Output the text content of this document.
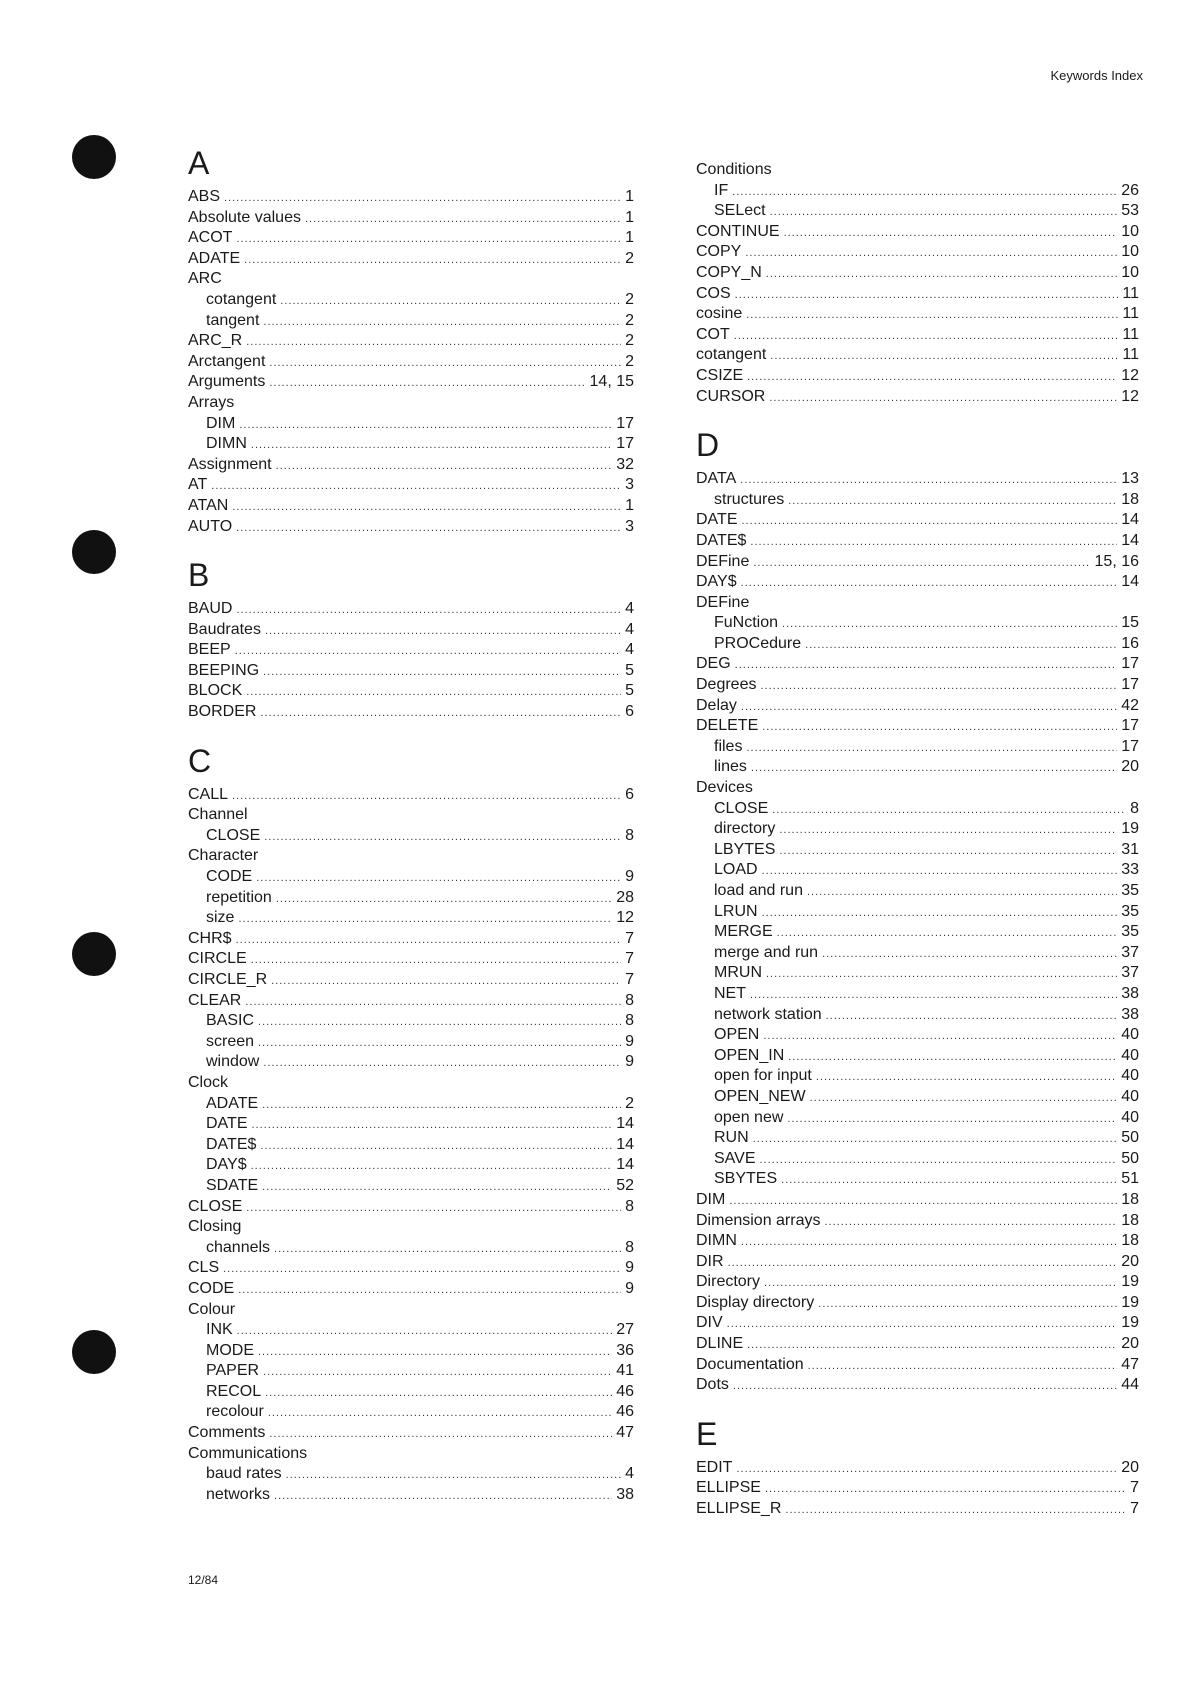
Keywords Index
A
ABS .....	1
Absolute values .....	1
ACOT .....	1
ADATE .....	2
ARC
cotangent .....	2
tangent .....	2
ARC_R .....	2
Arctangent .....	2
Arguments .....	14, 15
Arrays
DIM .....	17
DIMN .....	17
Assignment .....	32
AT .....	3
ATAN .....	1
AUTO .....	3
B
BAUD .....	4
Baudrates .....	4
BEEP .....	4
BEEPING .....	5
BLOCK .....	5
BORDER .....	6
C
CALL .....	6
Channel
CLOSE .....	8
Character
CODE .....	9
repetition .....	28
size .....	12
CHR$ .....	7
CIRCLE .....	7
CIRCLE_R .....	7
CLEAR .....	8
BASIC .....	8
screen .....	9
window .....	9
Clock
ADATE .....	2
DATE .....	14
DATE$ .....	14
DAY$ .....	14
SDATE .....	52
CLOSE .....	8
Closing
channels .....	8
CLS .....	9
CODE .....	9
Colour
INK .....	27
MODE .....	36
PAPER .....	41
RECOL .....	46
recolour .....	46
Comments .....	47
Communications
baud rates .....	4
networks .....	38
Conditions
IF .....	26
SELect .....	53
CONTINUE .....	10
COPY .....	10
COPY_N .....	10
COS .....	11
cosine .....	11
COT .....	11
cotangent .....	11
CSIZE .....	12
CURSOR .....	12
D
DATA .....	13
structures .....	18
DATE .....	14
DATE$ .....	14
DEFine .....	15, 16
DAY$ .....	14
DEFine
FuNction .....	15
PROCedure .....	16
DEG .....	17
Degrees .....	17
Delay .....	42
DELETE .....	17
files .....	17
lines .....	20
Devices
CLOSE .....	8
directory .....	19
LBYTES .....	31
LOAD .....	33
load and run .....	35
LRUN .....	35
MERGE .....	35
merge and run .....	37
MRUN .....	37
NET .....	38
network station .....	38
OPEN .....	40
OPEN_IN .....	40
open for input .....	40
OPEN_NEW .....	40
open new .....	40
RUN .....	50
SAVE .....	50
SBYTES .....	51
DIM .....	18
Dimension arrays .....	18
DIMN .....	18
DIR .....	20
Directory .....	19
Display directory .....	19
DIV .....	19
DLINE .....	20
Documentation .....	47
Dots .....	44
E
EDIT .....	20
ELLIPSE .....	7
ELLIPSE_R .....	7
12/84
